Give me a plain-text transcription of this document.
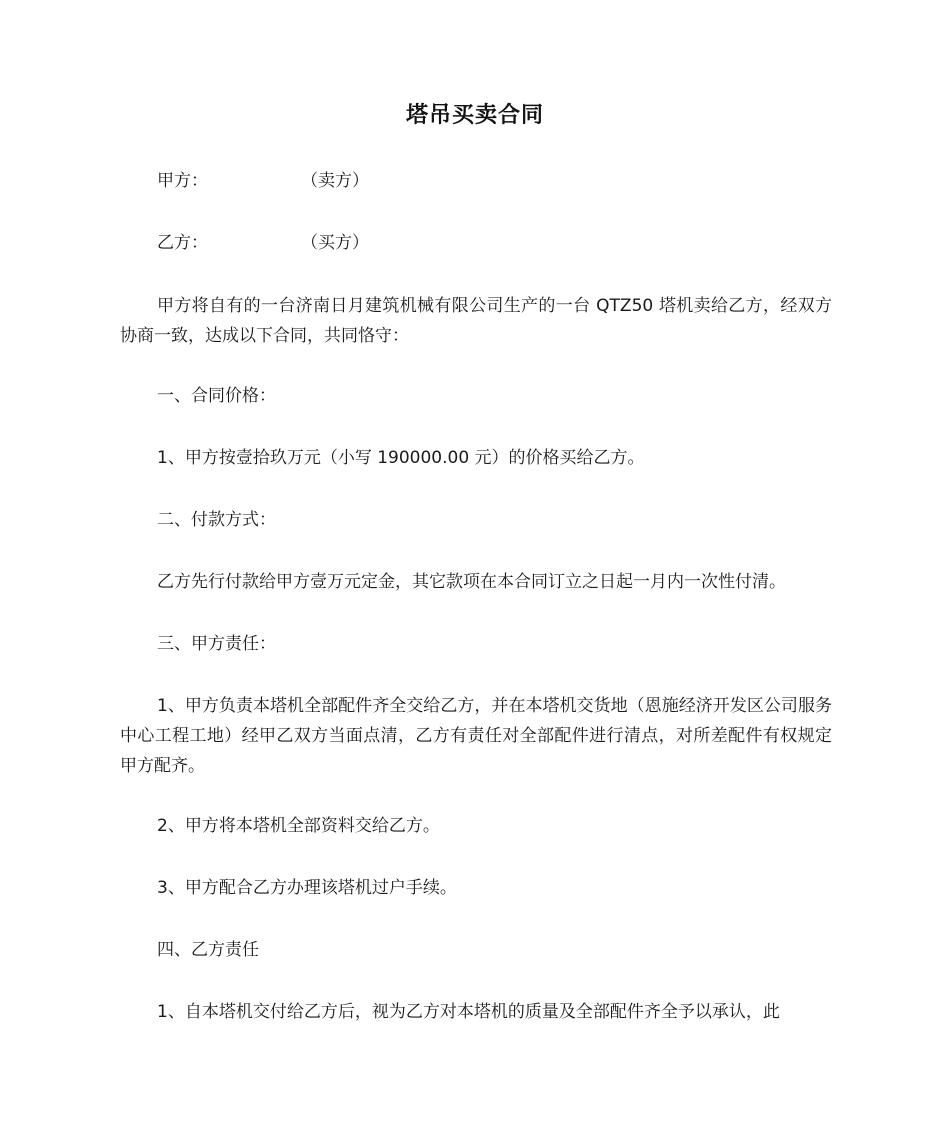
塔吊买卖合同
甲方：	（卖方）
乙方：	（买方）
甲方将自有的一台济南日月建筑机械有限公司生产的一台 QTZ50 塔机卖给乙方，经双方协商一致，达成以下合同，共同恪守：
一、合同价格：
1、甲方按壹拾玖万元（小写 190000.00 元）的价格买给乙方。
二、付款方式：
乙方先行付款给甲方壹万元定金，其它款项在本合同订立之日起一月内一次性付清。
三、甲方责任：
1、甲方负责本塔机全部配件齐全交给乙方，并在本塔机交货地（恩施经济开发区公司服务中心工程工地）经甲乙双方当面点清，乙方有责任对全部配件进行清点，对所差配件有权规定甲方配齐。
2、甲方将本塔机全部资料交给乙方。
3、甲方配合乙方办理该塔机过户手续。
四、乙方责任
1、自本塔机交付给乙方后，视为乙方对本塔机的质量及全部配件齐全予以承认，此
